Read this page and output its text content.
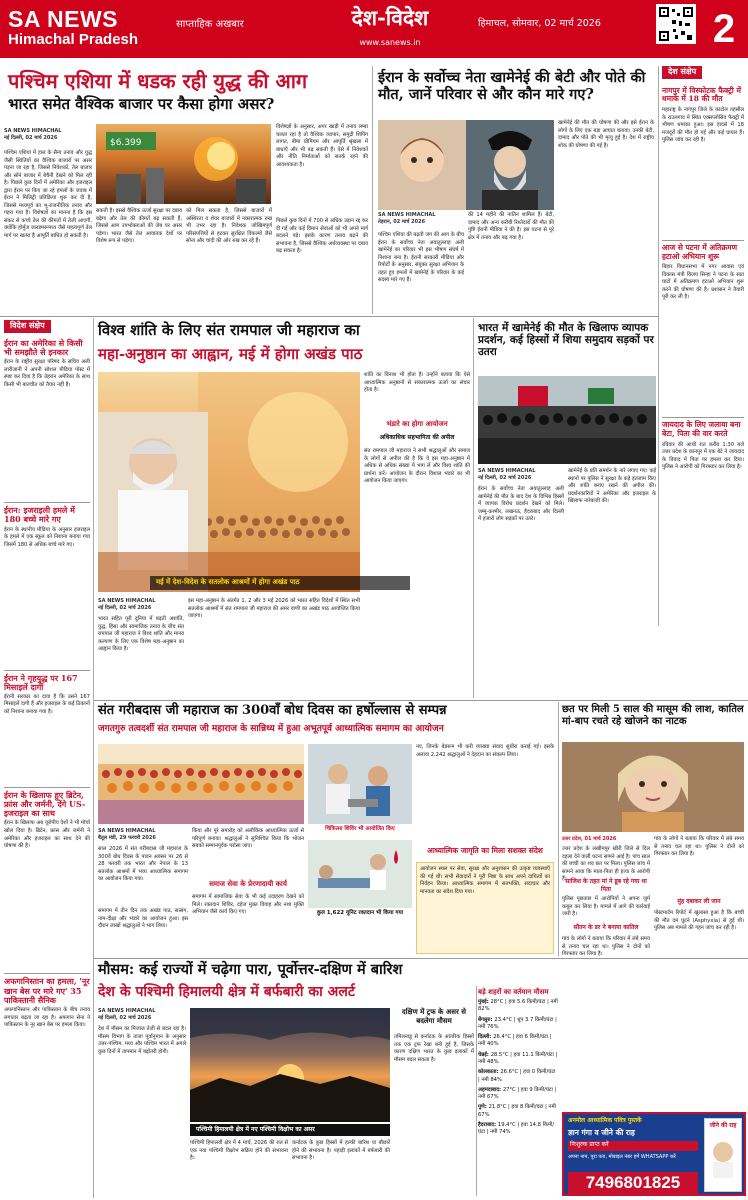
SA NEWS
Himachal Pradesh
साप्ताहिक अखबार	देश-विदेश
www.sanews.in
हिमाचल, सोमवार, 02 मार्च 2026	2
पश्चिम एशिया में धडक रही युद्ध की आग
भारत समेत वैश्विक बाजार पर कैसा होगा असर?
SA NEWS HIMACHAL
नई दिल्ली, 02 मार्च 2026
पश्चिम एशिया में हाल के सैन्य तनाव और युद्ध जैसी स्थितियों का वैश्विक बाजारों पर असर पड़ना जा रहा है, जिससे निवेशकों, तेल बाजार और सोने बाजार में बेचैनी देखने को मिल रही है। पिछले कुछ दिनों में अमेरिका और इजराइल द्वारा ईरान पर किए जा रहे हमलों के जवाब में ईरान ने मिलिट्री प्रतिक्रिया शुरू कर दी है, जिससे मध्यपूर्व का भू-राजनीतिक तनाव और गहरा गया है। विशेषज्ञों का मानना है कि इस संकट से कच्चे तेल की कीमतों में तेजी आएगी, क्योंकि होर्मुज जलडमरूमध्य जैसे महत्वपूर्ण तेल मार्ग पर खतरा है आपूर्ति बाधित हो सकती है।
$6.399
सकती है। इससे वैश्विक ऊर्जा सुरक्षा पर दबाव बढ़ेगा और तेल की कीमतें बढ़ सकती हैं, जिससे आम उपभोक्ताओं की जेब पर असर पड़ेगा। भारत जैसे तेल आयातक देशों पर विशेष रूप से पड़ेगा।
को मिल सकता है, जिससे बाजारों में अस्थिरता व शेयर बाजारों में नकारात्मक रुख भी उभर रहा है। निवेशक जोखिमपूर्ण परिसंपत्तियों से हटकर सुरक्षित विकल्पों जैसे सोना और चांदी की ओर रुख कर रहे हैं।
विशेषज्ञों के अनुसार, अगर खाड़ी में तनाव लम्बा चलता रहा है तो वैश्विक व्यापार, समुद्री शिपिंग लागत, बीमा प्रीमियम और आपूर्ति श्रृंखला में बाधाएँ और भी बढ़ सकती हैं। ऐसे में निवेशकों और नीति निर्माताओं को सतर्क रहने की आवश्यकता है।
पिछले कुछ दिनों में 700 से अधिक उड़ान रद्द कर दी गई और कई विमान सेवाओं को भी अपने मार्ग बदलने पड़े। इसके कारण तनाव बढ़ने की संभावना है, जिससे वैश्विक अर्थव्यवस्था पर दबाव बढ़ सकता है।
ईरान के सर्वोच्च नेता खामेनेई की बेटी और पोते की मौत, जानें परिवार से और कौन मारे गए?
SA NEWS HIMACHAL
तेहरान, 02 मार्च 2026
पश्चिम एशिया की बढ़ती जंग की आग के बीच ईरान के सर्वोच्च नेता अयातुल्लाह अली खामेनेई का परिवार भी इस भीषण संघर्ष में निशाना बना है। ईरानी सरकारी मीडिया और रिपोर्टों के अनुसार, संयुक्त सुरक्षा अभियान के तहत हुए हमलों में खामेनेई के परिवार के कई सदस्य मारे गए हैं।
की 14 महीने की नातिन शामिल हैं। बेटी, दामाद और अन्य करीबी रिश्तेदारों की मौत की पुष्टि ईरानी मीडिया ने की है। इस घटना से पूरे क्षेत्र में तनाव और बढ़ गया है।
खामेनेई की मौत की घोषणा की और इसे ईरान के लोगों के लिए एक बड़ा आघात बताया। उनकी बेटी, दामाद और पोते की भी मृत्यु हुई है। देश में राष्ट्रीय शोक की घोषणा की गई है।
देश संक्षेप
नागपुर में विस्फोटक फैक्ट्री में धमाके में 18 की मौत
महाराष्ट्र के नागपुर जिले के काटोल तहसील के राउलगांव में स्थित एक्सप्लोसिव फैक्ट्री में भीषण धमाका हुआ। इस हादसे में 18 मजदूरों की मौत हो गई और कई घायल हैं। पुलिस जांच कर रही है।
आज से पटना में अतिक्रमण हटाओ अभियान शुरू
बिहार विधानसभा में नगर आवास एवं विकास मंत्री विजय सिन्हा ने पटना के सात घाटों में अतिक्रमण हटाओ अभियान शुरू करने की घोषणा की है। प्रशासन ने तैयारी पूरी कर ली है।
जायदाद के लिए जलाया बना बेटा, पिता की वार करते
रविवार की आधी रात करीब 1:30 बजे उत्तर प्रदेश के कानपुर में एक बेटे ने जायदाद के विवाद में पिता पर हमला कर दिया। पुलिस ने आरोपी को गिरफ्तार कर लिया है।
विदेश संक्षेप
ईरान का अमेरिका से किसी भी समझौते से इनकार
ईरान के राष्ट्रीय सुरक्षा परिषद के सचिव अली लारीजानी ने अपनी सोशल मीडिया पोस्ट में स्पष्ट कर दिया है कि तेहरान अमेरिका के साथ किसी भी बातचीत को तैयार नहीं है।
ईरान: इजराइली हमले में 180 बच्चे मारे गए
ईरान के स्थानीय मीडिया के अनुसार इजराइल के हमले में एक स्कूल को निशाना बनाया गया जिसमें 180 से अधिक बच्चे मारे गए।
ईरान ने गृहयुद्ध पर 167 मिसाइलें दागीं
ईरानी सरकार का दावा है कि उसने 167 मिसाइलें दागी हैं और इजराइल के कई ठिकानों को निशाना बनाया गया है।
ईरान के खिलाफ हुए ब्रिटेन, फ्रांस और जर्मनी, देंगे US-इजराइल का साथ
ईरान के खिलाफ अब यूरोपीय देशों ने भी मोर्चा खोल दिया है। ब्रिटेन, फ्रांस और जर्मनी ने अमेरिका और इजराइल का साथ देने की घोषणा की है।
अफगानिस्तान का हमला, 'नूर खान बेस पर मारे गए' 35 पाकिस्तानी सैनिक
अफगानिस्तान और पाकिस्तान के बीच तनाव लगातार बढ़ता जा रहा है। अफगान सेना ने पाकिस्तान के नूर खान बेस पर हमला किया।
विश्व शांति के लिए संत रामपाल जी महाराज का
महा-अनुष्ठान का आह्वान, मई में होगा अखंड पाठ
मई में देश-विदेश के सतलोक आश्रमों में होगा अखंड पाठ
SA NEWS HIMACHAL
नई दिल्ली, 02 मार्च 2026
भारत सहित पूरी दुनिया में बढ़ती अशांति, युद्ध, हिंसा और सामाजिक तनाव के बीच संत रामपाल जी महाराज ने विश्व शांति और मानव कल्याण के लिए एक विशेष महा-अनुष्ठान का आह्वान किया है।
इस महा-अनुष्ठान के अंतर्गत 1, 2 और 3 मई 2026 को भारत सहित विदेशों में स्थित सभी सतलोक आश्रमों में संत रामपाल जी महाराज की अमर वाणी का अखंड पाठ आयोजित किया जाएगा।
शांति का विनाश भी होता है। उन्होंने बताया कि ऐसे आध्यात्मिक अनुष्ठानों से सकारात्मक ऊर्जा का संचार होता है।
भंडारे का होगा आयोजन
अधिकाधिक सहभागिता की अपील
संत रामपाल जी महाराज ने सभी श्रद्धालुओं और समाज के लोगों से अपील की है कि वे इस महा-अनुष्ठान में अधिक से अधिक संख्या में भाग लें और विश्व शांति की प्रार्थना करें। आयोजन के दौरान विशाल भंडारे का भी आयोजन किया जाएगा।
भारत में खामेनेई की मौत के खिलाफ व्यापक प्रदर्शन, कई हिस्सों में शिया समुदाय सड़कों पर उतरा
SA NEWS HIMACHAL
नई दिल्ली, 02 मार्च 2026
ईरान के सर्वोच्च नेता अयातुल्लाह अली खामेनेई की मौत के बाद देश के विभिन्न हिस्सों में व्यापक विरोध प्रदर्शन देखने को मिले। जम्मू-कश्मीर, लखनऊ, हैदराबाद और दिल्ली में हजारों लोग सड़कों पर उतरे।
खामेनेई के प्रति समर्थन के नारे लगाए गए। कई स्थानों पर पुलिस ने सुरक्षा के कड़े इंतजाम किए और शांति बनाए रखने की अपील की। प्रदर्शनकारियों ने अमेरिका और इजराइल के खिलाफ नारेबाजी की।
संत गरीबदास जी महाराज का 300वाँ बोध दिवस का हर्षोल्लास से सम्पन्न
जगतगुरु तत्वदर्शी संत रामपाल जी महाराज के सान्निध्य में हुआ अभूतपूर्व आध्यात्मिक समागम का आयोजन
चिकित्सा शिविर भी आयोजित किए
SA NEWS HIMACHAL
बैतूल मंडी, 29 फरवरी 2026
साल 2026 में संत गरीबदास जी महाराज के 300वें बोध दिवस के पावन अवसर पर 26 से 28 फरवरी तक भारत और नेपाल के 13 सतलोक आश्रमों में भव्य आध्यात्मिक समागम का आयोजन किया गया।
समागम में तीन दिन तक अखंड पाठ, सत्संग, नाम-दीक्षा और भंडारे का आयोजन हुआ। इस दौरान लाखों श्रद्धालुओं ने भाग लिया।
किया और पूरे समारोह को अलौकिक आध्यात्मिक ऊर्जा से परिपूर्ण बनाया। श्रद्धालुओं ने सुनिश्चित किया कि भोजन सबको सम्मानपूर्वक परोसा जाए।
समाज सेवा के प्रेरणादायी कार्य
समागम में सामाजिक सेवा के भी कई उदाहरण देखने को मिले। रक्तदान शिविर, दहेज मुक्त विवाह और नशा मुक्ति अभियान जैसे कार्य किए गए।	कुल 1,622 यूनिट रक्तदान भी किया गया
नए, जिनके बेडरूम भी करी व्याख्या संवाद सुधीरा कराई गई। इसके अलावा 2,242 श्रद्धालुओं ने देहदान का संकल्प लिया।
आध्यात्मिक जागृति का मिला सशक्त संदेश
आयोजन स्थल पर सेवा, सुरक्षा और अनुशासन की उत्कृष्ट व्यवस्थाएँ की गई थीं। सभी सेवादारों ने पूरी निष्ठा के साथ अपने दायित्वों का निर्वहन किया। आध्यात्मिक समागम में सतभक्ति, सदाचार और मानवता का संदेश दिया गया।
छत पर मिली 5 साल की मासूम की लाश, कातिल मां-बाप रचते रहे खोजने का नाटक
उत्तर प्रदेश, 01 मार्च 2026
उत्तर प्रदेश के लखीमपुर खीरी जिले से दिल दहला देने वाली घटना सामने आई है। पांच साल की बच्ची का शव छत पर मिला। पुलिस जांच में सामने आया कि माता-पिता ही हत्या के आरोपी हैं।
साजिश के तहत मां ने डूब रहे गया था पिता
पुलिस पूछताछ में आरोपियों ने अपना जुर्म कबूल कर लिया है। मामले में आगे की कार्रवाई जारी है।
सौतन के डर ने बनाया कातिल
गांव के लोगों ने बताया कि परिवार में लंबे समय से तनाव चल रहा था। पुलिस ने दोनों को गिरफ्तार कर लिया है।
गांव के लोगों ने बताया कि परिवार में लंबे समय से तनाव चल रहा था। पुलिस ने दोनों को गिरफ्तार कर लिया है।
मुंह दबाकर ली जान
पोस्टमार्टम रिपोर्ट में खुलासा हुआ है कि बच्ची की मौत दम घुटने (Asphyxia) से हुई थी। पुलिस अब मामले की गहन जांच कर रही है।
मौसम: कई राज्यों में चढ़ेगा पारा, पूर्वोत्तर-दक्षिण में बारिश
देश के पश्चिमी हिमालयी क्षेत्र में बर्फबारी का अलर्ट
SA NEWS HIMACHAL
नई दिल्ली, 02 मार्च 2026
देश में मौसम का मिजाज तेजी से बदल रहा है। मौसम विभाग के ताजा पूर्वानुमान के अनुसार उत्तर-पश्चिम, मध्य और पश्चिम भारत में अगले कुछ दिनों में तापमान में बढ़ोतरी होगी।
पश्चिमी हिमालयी क्षेत्र में नए पश्चिमी विक्षोभ का असर
पश्चिमी हिमालयी क्षेत्र में 4 मार्च, 2026 की रात से एक नया पश्चिमी विक्षोभ सक्रिय होने की संभावना है।
कर्नाटक के कुछ हिस्सों में हल्की बारिश या बौछारें होने की संभावना है। पहाड़ी इलाकों में बर्फबारी की संभावना है।
दक्षिण में ट्रफ के असर से बदलेगा मौसम
तमिलनाडु से कर्नाटक के आंतरिक हिस्सों तक एक ट्रफ रेखा बनी हुई है, जिसके कारण दक्षिण भारत के कुछ इलाकों में मौसम बदल सकता है।
बड़े शहरों का वर्तमान मौसम
मुंबई: 28°C | हवा 5.6 किमी/घंटा | नमी 82%
बेंगलुरु: 23.4°C | धूप 3.7 किमी/घंटा | नमी 76%
दिल्ली: 26.4°C | हवा 6 किमी/घंटा | नमी 40%
चेन्नई: 28.5°C | हवा 11.1 किमी/घंटा | नमी 48%
कोलकाता: 26.6°C | हवा 0 किमी/घंटा | नमी 84%
अहमदाबाद: 27°C | हवा 9 किमी/घंटा | नमी 67%
पुणे: 21.8°C | हवा 8 किमी/घंटा | नमी 67%
हैदराबाद: 19.4°C | हवा 14.8 किमी/घंटा | नमी 74%
अनमोल आध्यात्मिक पवित्र पुस्तकें
ज्ञान गंगा व जीने की राह
निःशुल्क प्राप्त करें
अपना नाम, पूरा पता, मोबाइल नंबर हमें WHATSAPP करें
7496801825
जीने की राह
